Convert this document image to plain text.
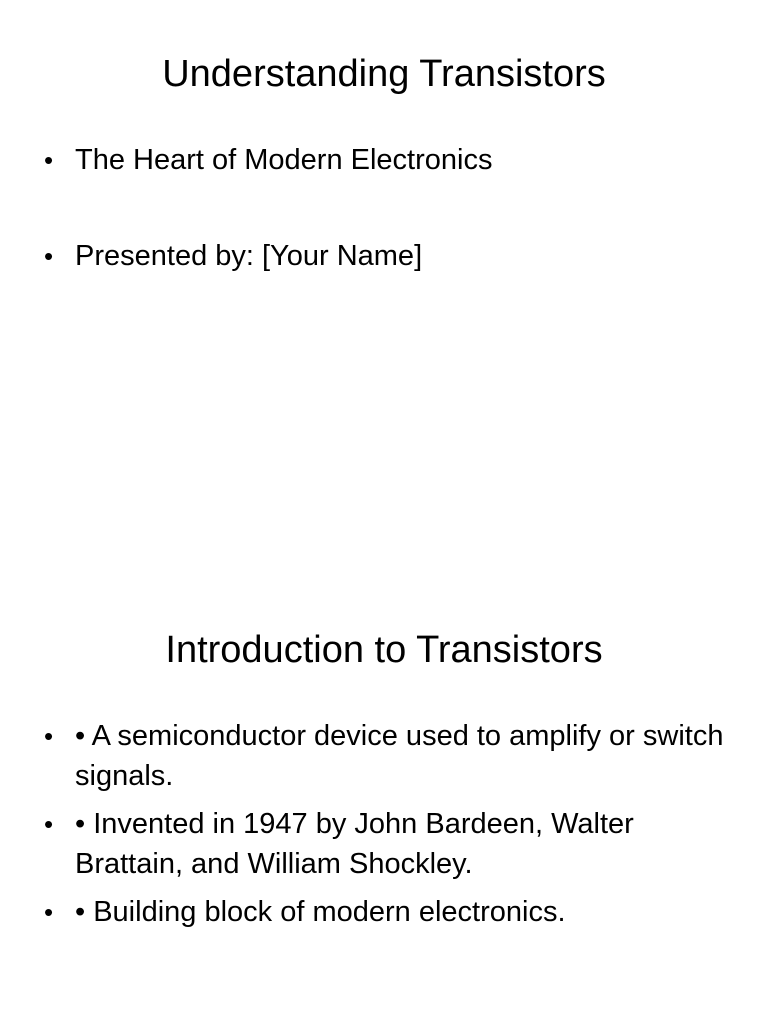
Understanding Transistors
• The Heart of Modern Electronics
• Presented by: [Your Name]
Introduction to Transistors
• • A semiconductor device used to amplify or switch signals.
• • Invented in 1947 by John Bardeen, Walter Brattain, and William Shockley.
• • Building block of modern electronics.
